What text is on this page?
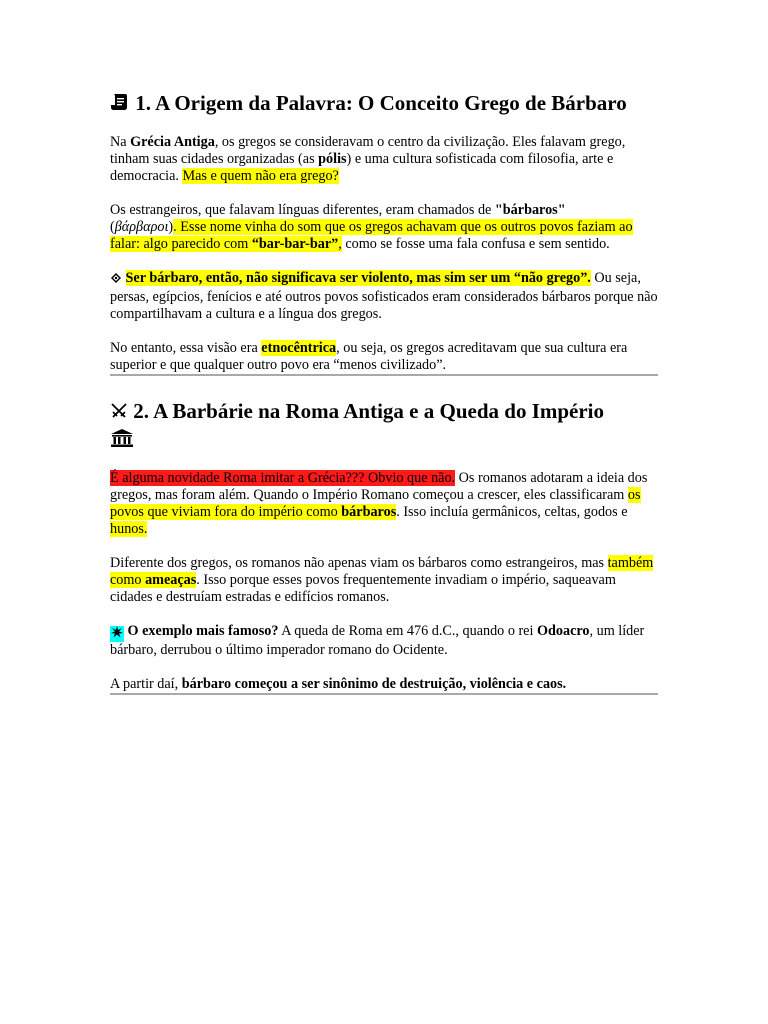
1. A Origem da Palavra: O Conceito Grego de Bárbaro

Na Grécia Antiga, os gregos se consideravam o centro da civilização. Eles falavam grego, tinham suas cidades organizadas (as pólis) e uma cultura sofisticada com filosofia, arte e democracia. Mas e quem não era grego?

Os estrangeiros, que falavam línguas diferentes, eram chamados de "bárbaros"
(βάρβαροι). Esse nome vinha do som que os gregos achavam que os outros povos faziam ao falar: algo parecido com “bar-bar-bar”, como se fosse uma fala confusa e sem sentido.

Ser bárbaro, então, não significava ser violento, mas sim ser um “não grego”. Ou seja, persas, egípcios, fenícios e até outros povos sofisticados eram considerados bárbaros porque não compartilhavam a cultura e a língua dos gregos.

No entanto, essa visão era etnocêntrica, ou seja, os gregos acreditavam que sua cultura era superior e que qualquer outro povo era “menos civilizado”.

2. A Barbárie na Roma Antiga e a Queda do Império

É alguma novidade Roma imitar a Grécia??? Obvio que não. Os romanos adotaram a ideia dos gregos, mas foram além. Quando o Império Romano começou a crescer, eles classificaram os povos que viviam fora do império como bárbaros. Isso incluía germânicos, celtas, godos e hunos.

Diferente dos gregos, os romanos não apenas viam os bárbaros como estrangeiros, mas também como ameaças. Isso porque esses povos frequentemente invadiam o império, saqueavam cidades e destruíam estradas e edifícios romanos.

O exemplo mais famoso? A queda de Roma em 476 d.C., quando o rei Odoacro, um líder bárbaro, derrubou o último imperador romano do Ocidente.

A partir daí, bárbaro começou a ser sinônimo de destruição, violência e caos.
